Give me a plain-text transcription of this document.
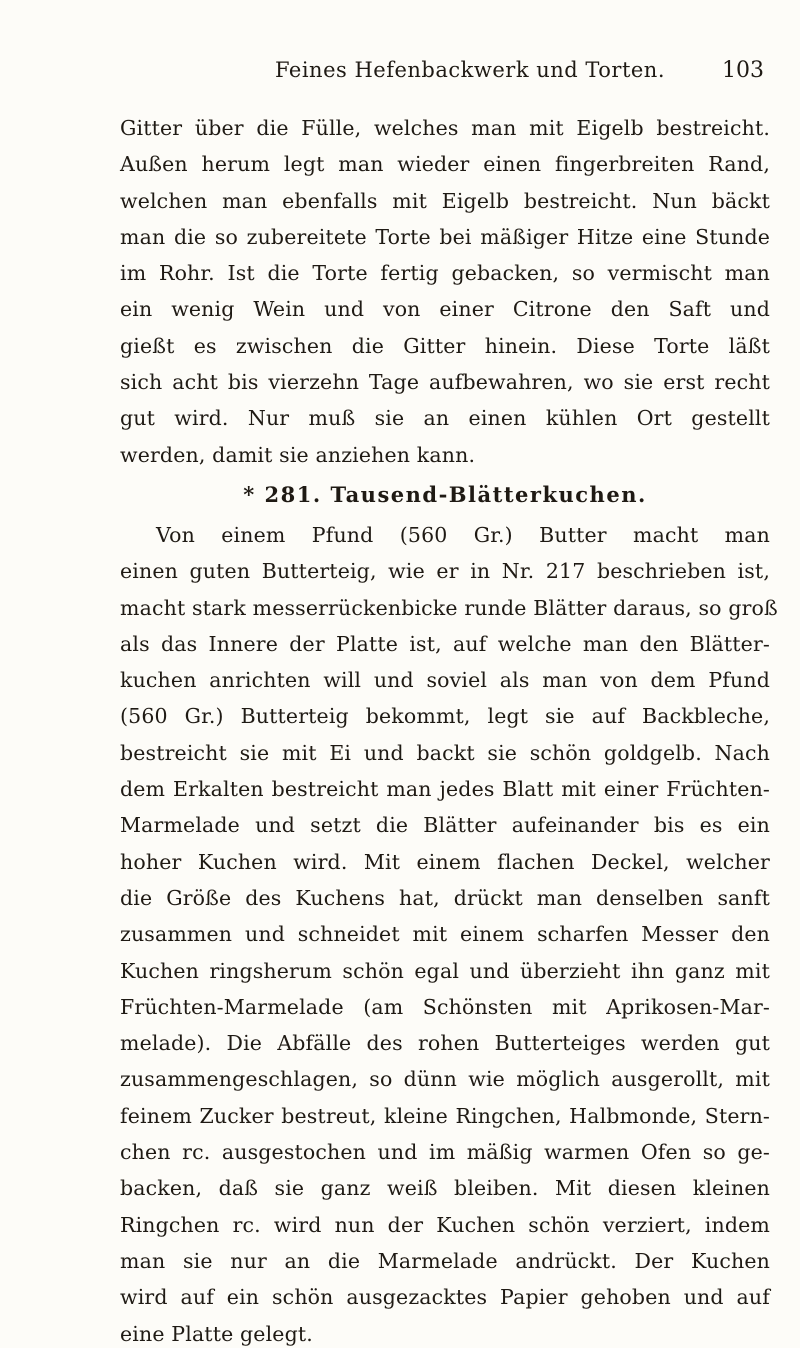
Feines Hefenbackwerk und Torten.	103
Gitter über die Fülle, welches man mit Eigelb bestreicht.
Außen herum legt man wieder einen fingerbreiten Rand,
welchen man ebenfalls mit Eigelb bestreicht. Nun bäckt
man die so zubereitete Torte bei mäßiger Hitze eine Stunde
im Rohr. Ist die Torte fertig gebacken, so vermischt man
ein wenig Wein und von einer Citrone den Saft und
gießt es zwischen die Gitter hinein. Diese Torte läßt
sich acht bis vierzehn Tage aufbewahren, wo sie erst recht
gut wird. Nur muß sie an einen kühlen Ort gestellt
werden, damit sie anziehen kann.
* 281. Tausend-Blätterkuchen.
Von einem Pfund (560 Gr.) Butter macht man
einen guten Butterteig, wie er in Nr. 217 beschrieben ist,
macht stark messerrückenbicke runde Blätter daraus, so groß
als das Innere der Platte ist, auf welche man den Blätter-
kuchen anrichten will und soviel als man von dem Pfund
(560 Gr.) Butterteig bekommt, legt sie auf Backbleche,
bestreicht sie mit Ei und backt sie schön goldgelb. Nach
dem Erkalten bestreicht man jedes Blatt mit einer Früchten-
Marmelade und setzt die Blätter aufeinander bis es ein
hoher Kuchen wird. Mit einem flachen Deckel, welcher
die Größe des Kuchens hat, drückt man denselben sanft
zusammen und schneidet mit einem scharfen Messer den
Kuchen ringsherum schön egal und überzieht ihn ganz mit
Früchten-Marmelade (am Schönsten mit Aprikosen-Mar-
melade). Die Abfälle des rohen Butterteiges werden gut
zusammengeschlagen, so dünn wie möglich ausgerollt, mit
feinem Zucker bestreut, kleine Ringchen, Halbmonde, Stern-
chen rc. ausgestochen und im mäßig warmen Ofen so ge-
backen, daß sie ganz weiß bleiben. Mit diesen kleinen
Ringchen rc. wird nun der Kuchen schön verziert, indem
man sie nur an die Marmelade andrückt. Der Kuchen
wird auf ein schön ausgezacktes Papier gehoben und auf
eine Platte gelegt.
